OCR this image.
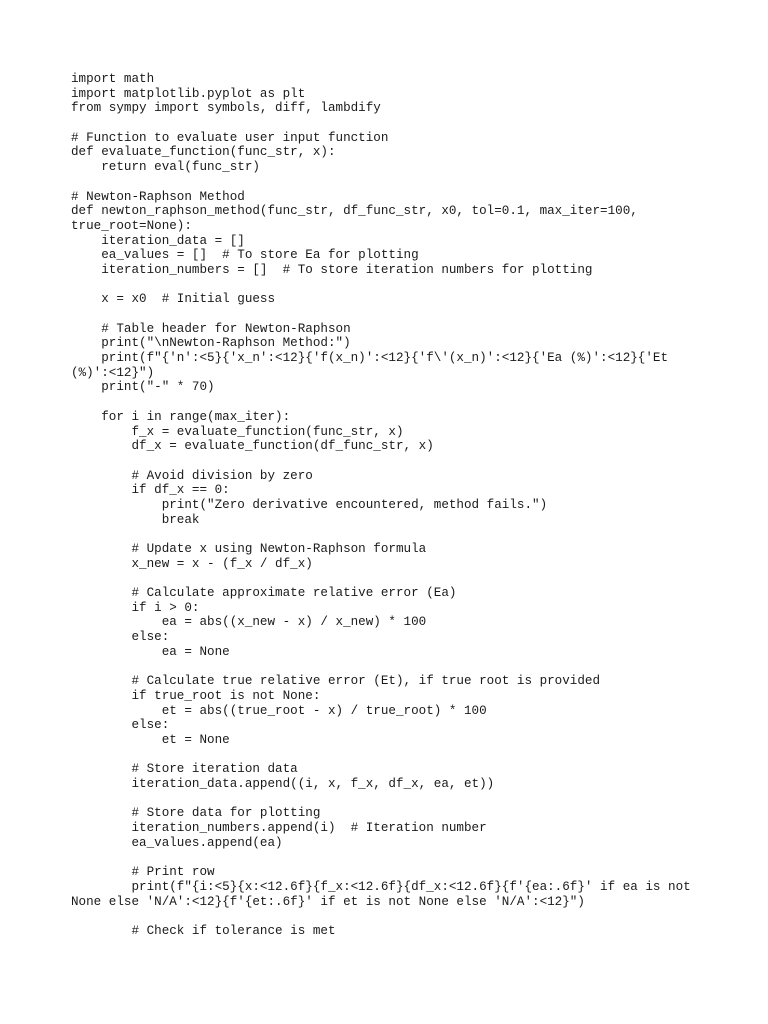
import math
import matplotlib.pyplot as plt
from sympy import symbols, diff, lambdify
# Function to evaluate user input function
def evaluate_function(func_str, x):
return eval(func_str)
# Newton-Raphson Method
def newton_raphson_method(func_str, df_func_str, x0, tol=0.1, max_iter=100,
true_root=None):
iteration_data = []
ea_values = []  # To store Ea for plotting
iteration_numbers = []  # To store iteration numbers for plotting
x = x0  # Initial guess
# Table header for Newton-Raphson
print("\nNewton-Raphson Method:")
print(f"{'n':<5}{'x_n':<12}{'f(x_n)':<12}{'f\'(x_n)':<12}{'Ea (%)':<12}{'Et
(%)':<12}")
print("-" * 70)
for i in range(max_iter):
f_x = evaluate_function(func_str, x)
df_x = evaluate_function(df_func_str, x)
# Avoid division by zero
if df_x == 0:
print("Zero derivative encountered, method fails.")
break
# Update x using Newton-Raphson formula
x_new = x - (f_x / df_x)
# Calculate approximate relative error (Ea)
if i > 0:
ea = abs((x_new - x) / x_new) * 100
else:
ea = None
# Calculate true relative error (Et), if true root is provided
if true_root is not None:
et = abs((true_root - x) / true_root) * 100
else:
et = None
# Store iteration data
iteration_data.append((i, x, f_x, df_x, ea, et))
# Store data for plotting
iteration_numbers.append(i)  # Iteration number
ea_values.append(ea)
# Print row
print(f"{i:<5}{x:<12.6f}{f_x:<12.6f}{df_x:<12.6f}{f'{ea:.6f}' if ea is not
None else 'N/A':<12}{f'{et:.6f}' if et is not None else 'N/A':<12}")
# Check if tolerance is met
